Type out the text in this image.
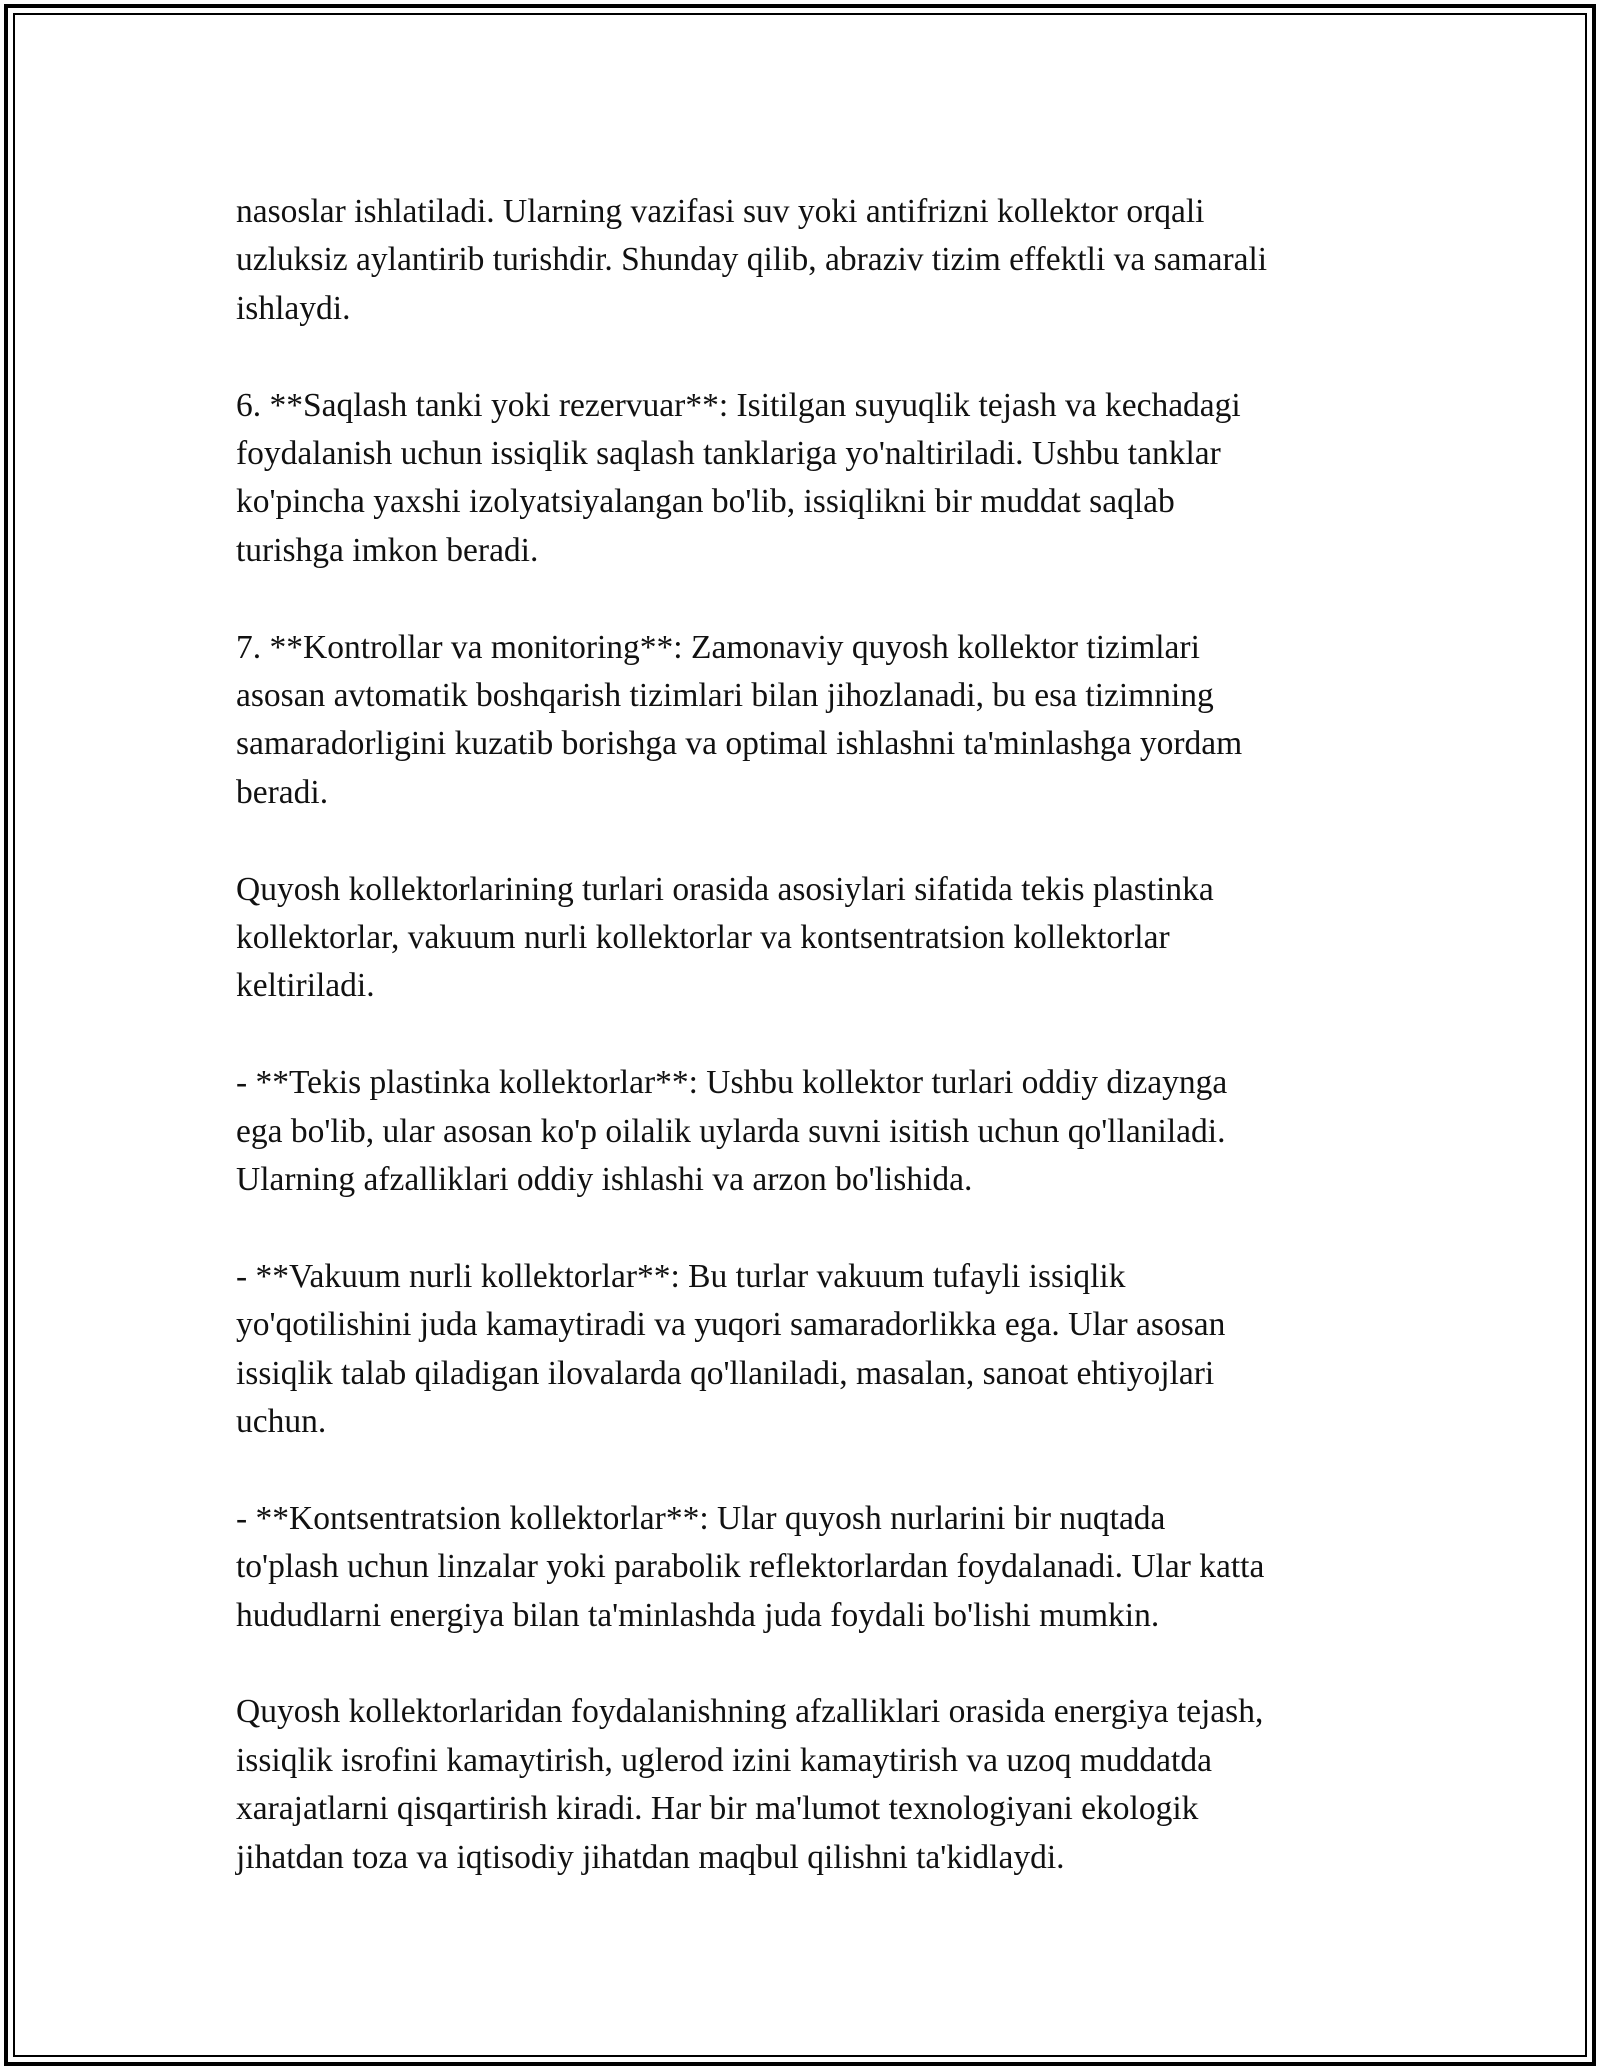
nasoslar ishlatiladi. Ularning vazifasi suv yoki antifrizni kollektor orqali
uzluksiz aylantirib turishdir. Shunday qilib, abraziv tizim effektli va samarali
ishlaydi.

6. **Saqlash tanki yoki rezervuar**: Isitilgan suyuqlik tejash va kechadagi
foydalanish uchun issiqlik saqlash tanklariga yo'naltiriladi. Ushbu tanklar
ko'pincha yaxshi izolyatsiyalangan bo'lib, issiqlikni bir muddat saqlab
turishga imkon beradi.

7. **Kontrollar va monitoring**: Zamonaviy quyosh kollektor tizimlari
asosan avtomatik boshqarish tizimlari bilan jihozlanadi, bu esa tizimning
samaradorligini kuzatib borishga va optimal ishlashni ta'minlashga yordam
beradi.

Quyosh kollektorlarining turlari orasida asosiylari sifatida tekis plastinka
kollektorlar, vakuum nurli kollektorlar va kontsentratsion kollektorlar
keltiriladi.

- **Tekis plastinka kollektorlar**: Ushbu kollektor turlari oddiy dizaynga
ega bo'lib, ular asosan ko'p oilalik uylarda suvni isitish uchun qo'llaniladi.
Ularning afzalliklari oddiy ishlashi va arzon bo'lishida.

- **Vakuum nurli kollektorlar**: Bu turlar vakuum tufayli issiqlik
yo'qotilishini juda kamaytiradi va yuqori samaradorlikka ega. Ular asosan
issiqlik talab qiladigan ilovalarda qo'llaniladi, masalan, sanoat ehtiyojlari
uchun.

- **Kontsentratsion kollektorlar**: Ular quyosh nurlarini bir nuqtada
to'plash uchun linzalar yoki parabolik reflektorlardan foydalanadi. Ular katta
hududlarni energiya bilan ta'minlashda juda foydali bo'lishi mumkin.

Quyosh kollektorlaridan foydalanishning afzalliklari orasida energiya tejash,
issiqlik isrofini kamaytirish, uglerod izini kamaytirish va uzoq muddatda
xarajatlarni qisqartirish kiradi. Har bir ma'lumot texnologiyani ekologik
jihatdan toza va iqtisodiy jihatdan maqbul qilishni ta'kidlaydi.
